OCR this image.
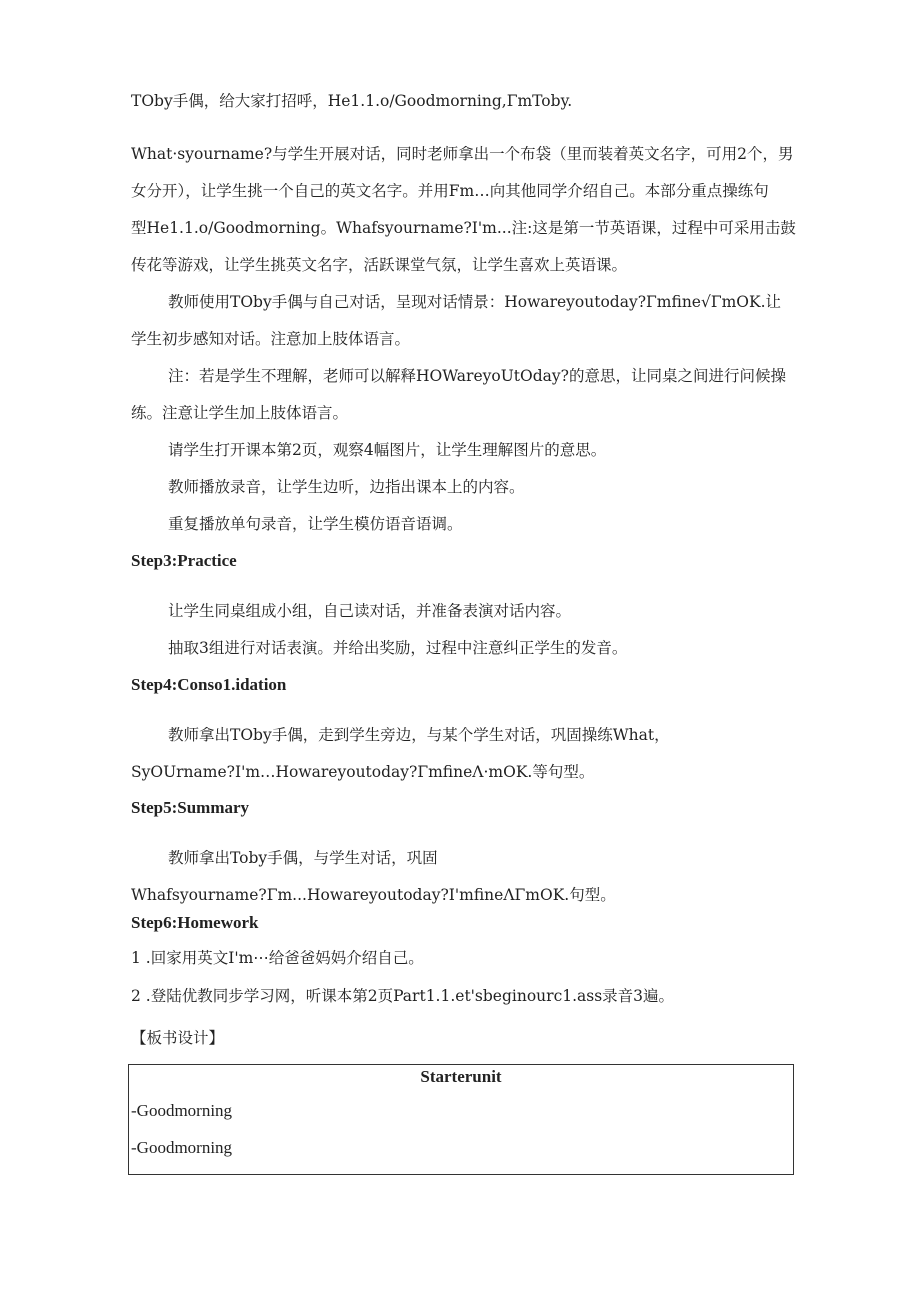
TOby手偶，给大家打招呼，He1.1.o/Goodmorning,ΓmToby.

What·syourname?与学生开展对话，同时老师拿出一个布袋（里而装着英文名字，可用2个，男

女分开），让学生挑一个自己的英文名字。并用Fm…向其他同学介绍自己。本部分重点操练句

型He1.1.o/Goodmorning。Whafsyourname?I'm...注:这是第一节英语课，过程中可采用击鼓

传花等游戏，让学生挑英文名字，活跃课堂气氛，让学生喜欢上英语课。

教师使用TOby手偶与自己对话，呈现对话情景：Howareyoutoday?Γmfine√ΓmOK.让

学生初步感知对话。注意加上肢体语言。

注：若是学生不理解，老师可以解释HOWareyoUtOday?的意思，让同桌之间进行问候操

练。注意让学生加上肢体语言。

请学生打开课本第2页，观察4幅图片，让学生理解图片的意思。

教师播放录音，让学生边听，边指出课本上的内容。

重复播放单句录音，让学生模仿语音语调。

Step3:Practice

让学生同桌组成小组，自己读对话，并准备表演对话内容。

抽取3组进行对话表演。并给出奖励，过程中注意纠正学生的发音。

Step4:Conso1.idation

教师拿出TOby手偶，走到学生旁边，与某个学生对话，巩固操练What，

SyOUrname?I'm…Howareyoutoday?ΓmfineΛ·mOK.等句型。

Step5:Summary

教师拿出Toby手偶，与学生对话，巩固

Whafsyourname?Γm...Howareyoutoday?I'mfineΛΓmOK.句型。

Step6:Homework

1 .回家用英文I'm⋯给爸爸妈妈介绍自己。

2 .登陆优教同步学习网，听课本第2页Part1.1.et'sbeginourc1.ass录音3遍。

【板书设计】

Starterunit
-Goodmorning
-Goodmorning
